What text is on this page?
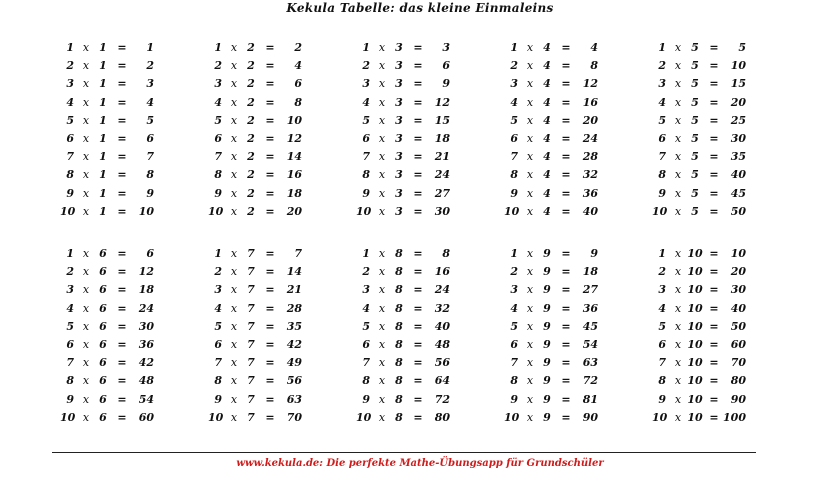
Kekula Tabelle: das kleine Einmaleins
1 x 1 =	1
2 x 1 =	2
3 x 1 =	3
4 x 1 =	4
5 x 1 =	5
6 x 1 =	6
7 x 1 =	7
8 x 1 =	8
9 x 1 =	9
10 x 1 =	10
1 x 2 =	2
2 x 2 =	4
3 x 2 =	6
4 x 2 =	8
5 x 2 =	10
6 x 2 =	12
7 x 2 =	14
8 x 2 =	16
9 x 2 =	18
10 x 2 =	20
1 x 3 =	3
2 x 3 =	6
3 x 3 =	9
4 x 3 =	12
5 x 3 =	15
6 x 3 =	18
7 x 3 =	21
8 x 3 =	24
9 x 3 =	27
10 x 3 =	30
1 x 4 =	4
2 x 4 =	8
3 x 4 =	12
4 x 4 =	16
5 x 4 =	20
6 x 4 =	24
7 x 4 =	28
8 x 4 =	32
9 x 4 =	36
10 x 4 =	40
1 x 5 =	5
2 x 5 =	10
3 x 5 =	15
4 x 5 =	20
5 x 5 =	25
6 x 5 =	30
7 x 5 =	35
8 x 5 =	40
9 x 5 =	45
10 x 5 =	50
1 x 6 =	6
2 x 6 =	12
3 x 6 =	18
4 x 6 =	24
5 x 6 =	30
6 x 6 =	36
7 x 6 =	42
8 x 6 =	48
9 x 6 =	54
10 x 6 =	60
1 x 7 =	7
2 x 7 =	14
3 x 7 =	21
4 x 7 =	28
5 x 7 =	35
6 x 7 =	42
7 x 7 =	49
8 x 7 =	56
9 x 7 =	63
10 x 7 =	70
1 x 8 =	8
2 x 8 =	16
3 x 8 =	24
4 x 8 =	32
5 x 8 =	40
6 x 8 =	48
7 x 8 =	56
8 x 8 =	64
9 x 8 =	72
10 x 8 =	80
1 x 9 =	9
2 x 9 =	18
3 x 9 =	27
4 x 9 =	36
5 x 9 =	45
6 x 9 =	54
7 x 9 =	63
8 x 9 =	72
9 x 9 =	81
10 x 9 =	90
1 x 10 =	10
2 x 10 =	20
3 x 10 =	30
4 x 10 =	40
5 x 10 =	50
6 x 10 =	60
7 x 10 =	70
8 x 10 =	80
9 x 10 =	90
10 x 10 = 100
www.kekula.de: Die perfekte Mathe-Übungsapp für Grundschüler
